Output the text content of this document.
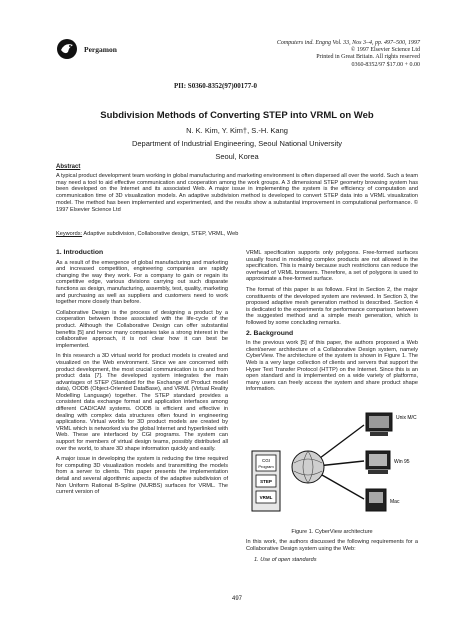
Pergamon
Computers ind. Engng Vol. 33, Nos 3–4, pp. 497–500, 1997
© 1997 Elsevier Science Ltd
Printed in Great Britain. All rights reserved
0360-8352/97 $17.00 + 0.00
PII: S0360-8352(97)00177-0
Subdivision Methods of Converting STEP into VRML on Web
N. K. Kim, Y. Kim†, S.-H. Kang
Department of Industrial Engineering, Seoul National University
Seoul, Korea
Abstract
A typical product development team working in global manufacturing and marketing environment is often dispersed all over the world. Such a team may need a tool to aid effective communication and cooperation among the work groups. A 3 dimensional STEP geometry browsing system has been developed on the Internet and its associated Web. A major issue in implementing the system is the efficiency of computation and communication time of 3D visualization models. An adaptive subdivision method is developed to convert STEP data into a VRML visualization model. The method has been implemented and experimented, and the results show a substantial improvement in computational performance. © 1997 Elsevier Science Ltd
Keywords: Adaptive subdivision, Collaborative design, STEP, VRML, Web
1. Introduction

As a result of the emergence of global manufacturing and marketing and increased competition, engineering companies are rapidly changing the way they work. For a company to gain or regain its competitive edge, various divisions carrying out such disparate functions as design, manufacturing, assembly, test, quality, marketing and purchasing as well as suppliers and customers need to work together more closely than before.

Collaborative Design is the process of designing a product by a cooperation between those associated with the life-cycle of the product. Although the Collaborative Design can offer substantial benefits [5] and hence many companies take a strong interest in the collaborative approach, it is not clear how it can best be implemented.

In this research a 3D virtual world for product models is created and visualized on the Web environment. Since we are concerned with product development, the most crucial communication is to and from product data [7]. The developed system integrates the main advantages of STEP (Standard for the Exchange of Product model data), OODB (Object-Oriented DataBase), and VRML (Virtual Reality Modelling Language) together. The STEP standard provides a consistent data exchange format and application interfaces among different CAD/CAM systems. OODB is efficient and effective in dealing with complex data structures often found in engineering applications. Virtual worlds for 3D product models are created by VRML which is networked via the global Internet and hyperlinked with Web. These are interfaced by CGI programs. The system can support for members of virtual design teams, possibly distributed all over the world, to share 3D shape information quickly and easily.

A major issue in developing the system is reducing the time required for computing 3D visualization models and transmitting the models from a server to clients. This paper presents the implementation detail and several algorithmic aspects of the adaptive subdivision of Non Uniform Rational B-Spline (NURBS) surfaces for VRML. The current version of

VRML specification supports only polygons. Free-formed surfaces usually found in modeling complex products are not allowed in the specification. This is mainly because such restrictions can reduce the overhead of VRML browsers. Therefore, a set of polygons is used to approximate a free-formed surface.

The format of this paper is as follows. First in Section 2, the major constituents of the developed system are reviewed. In Section 3, the proposed adaptive mesh generation method is described. Section 4 is dedicated to the experiments for performance comparison between the suggested method and a simple mesh generation, which is followed by some concluding remarks.

2. Background

In the previous work [5] of this paper, the authors proposed a Web client/server architecture of a Collaborative Design system, namely CyberView. The architecture of the system is shown in Figure 1. The Web is a very large collection of clients and servers that support the Hyper Text Transfer Protocol (HTTP) on the Internet. Since this is an open standard and is implemented on a wide variety of platforms, many users can freely access the system and share product shape information.

CGI
Program
STEP
VRML
Unix M/C
Win 95
Mac
Figure 1. CyberView architecture

In this work, the authors discussed the following requirements for a Collaborative Design system using the Web:

1. Use of open standards
497
